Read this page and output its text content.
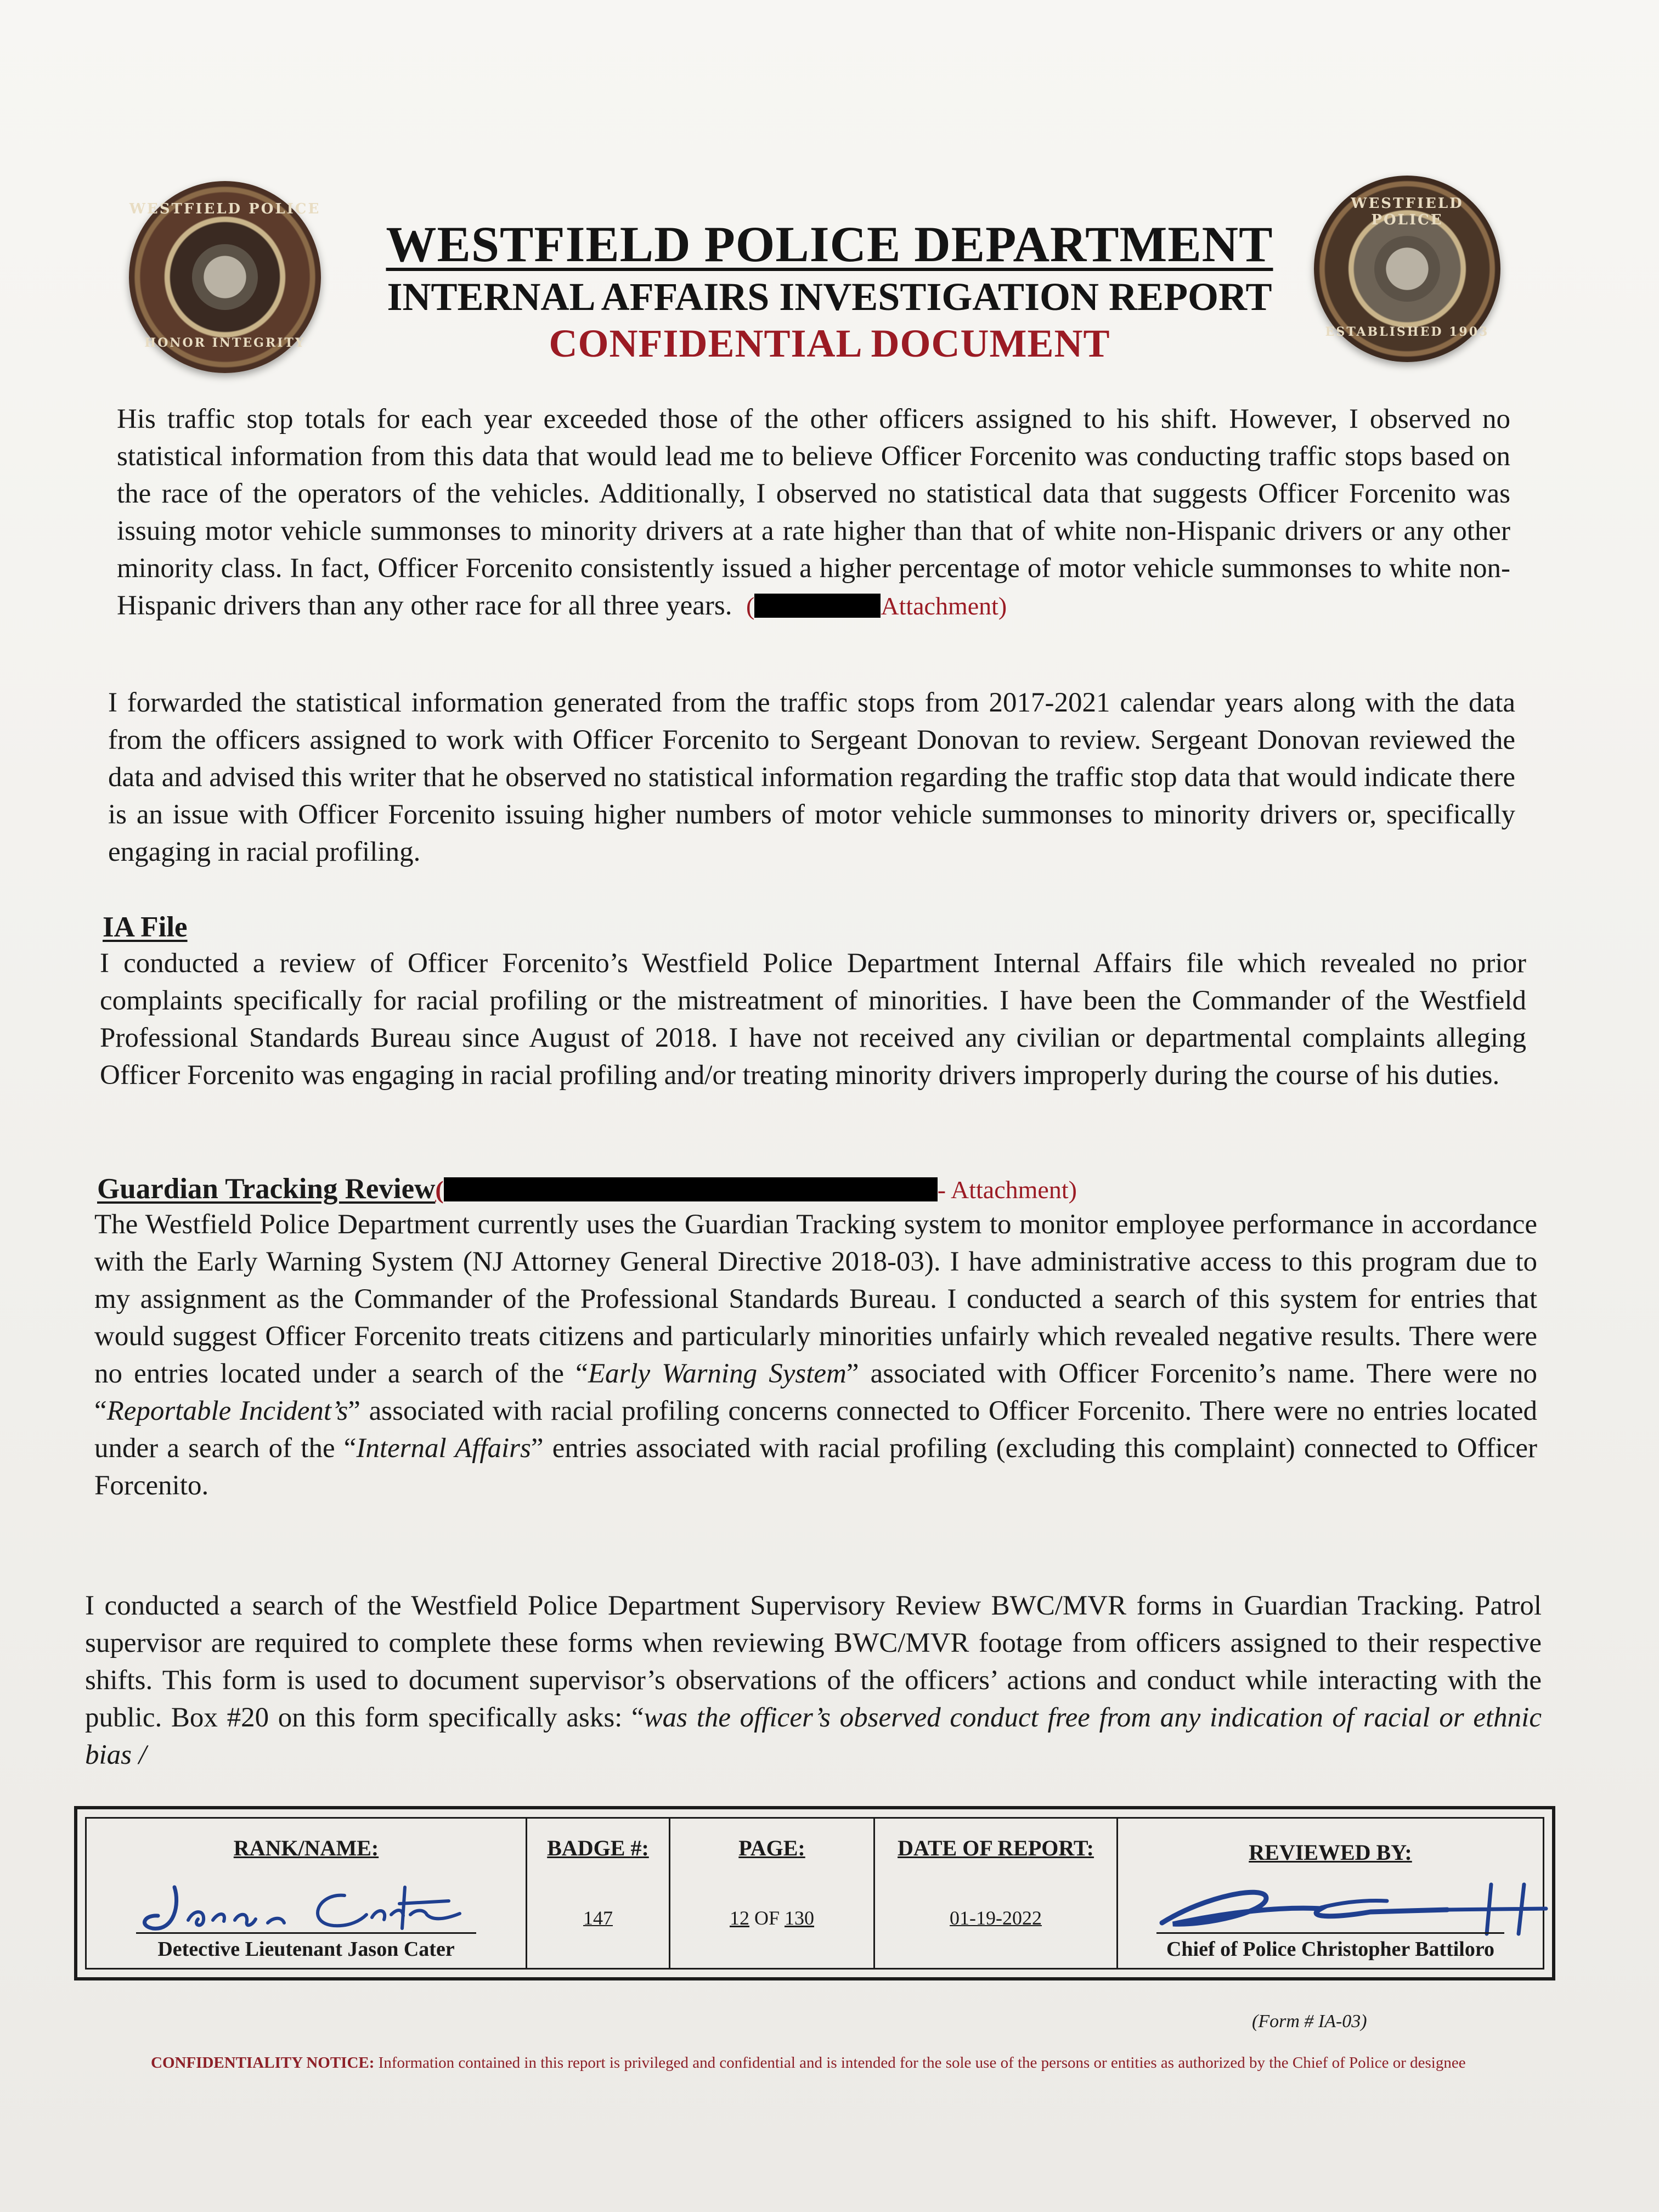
WESTFIELD POLICE
HONOR INTEGRITY
WESTFIELD POLICE
ESTABLISHED 1903
WESTFIELD POLICE DEPARTMENT
INTERNAL AFFAIRS INVESTIGATION REPORT
CONFIDENTIAL DOCUMENT

His traffic stop totals for each year exceeded those of the other officers assigned to his shift. However, I observed no statistical information from this data that would lead me to believe Officer Forcenito was conducting traffic stops based on the race of the operators of the vehicles. Additionally, I observed no statistical data that suggests Officer Forcenito was issuing motor vehicle summonses to minority drivers at a rate higher than that of white non-Hispanic drivers or any other minority class. In fact, Officer Forcenito consistently issued a higher percentage of motor vehicle summonses to white non-Hispanic drivers than any other race for all three years. (	Attachment)

I forwarded the statistical information generated from the traffic stops from 2017-2021 calendar years along with the data from the officers assigned to work with Officer Forcenito to Sergeant Donovan to review. Sergeant Donovan reviewed the data and advised this writer that he observed no statistical information regarding the traffic stop data that would indicate there is an issue with Officer Forcenito issuing higher numbers of motor vehicle summonses to minority drivers or, specifically engaging in racial profiling.

IA File

I conducted a review of Officer Forcenito’s Westfield Police Department Internal Affairs file which revealed no prior complaints specifically for racial profiling or the mistreatment of minorities. I have been the Commander of the Westfield Professional Standards Bureau since August of 2018. I have not received any civilian or departmental complaints alleging Officer Forcenito was engaging in racial profiling and/or treating minority drivers improperly during the course of his duties.

Guardian Tracking Review(	- Attachment)

The Westfield Police Department currently uses the Guardian Tracking system to monitor employee performance in accordance with the Early Warning System (NJ Attorney General Directive 2018-03). I have administrative access to this program due to my assignment as the Commander of the Professional Standards Bureau. I conducted a search of this system for entries that would suggest Officer Forcenito treats citizens and particularly minorities unfairly which revealed negative results. There were no entries located under a search of the “Early Warning System” associated with Officer Forcenito’s name. There were no “Reportable Incident’s” associated with racial profiling concerns connected to Officer Forcenito. There were no entries located under a search of the “Internal Affairs” entries associated with racial profiling (excluding this complaint) connected to Officer Forcenito.

I conducted a search of the Westfield Police Department Supervisory Review BWC/MVR forms in Guardian Tracking. Patrol supervisor are required to complete these forms when reviewing BWC/MVR footage from officers assigned to their respective shifts. This form is used to document supervisor’s observations of the officers’ actions and conduct while interacting with the public. Box #20 on this form specifically asks: “was the officer’s observed conduct free from any indication of racial or ethnic bias /

RANK/NAME:
Detective Lieutenant Jason Cater
BADGE #:
147
PAGE:
12 OF 130
DATE OF REPORT:
01-19-2022
REVIEWED BY:
Chief of Police Christopher Battiloro
(Form # IA-03)
CONFIDENTIALITY NOTICE: Information contained in this report is privileged and confidential and is intended for the sole use of the persons or entities as authorized by the Chief of Police or designee
